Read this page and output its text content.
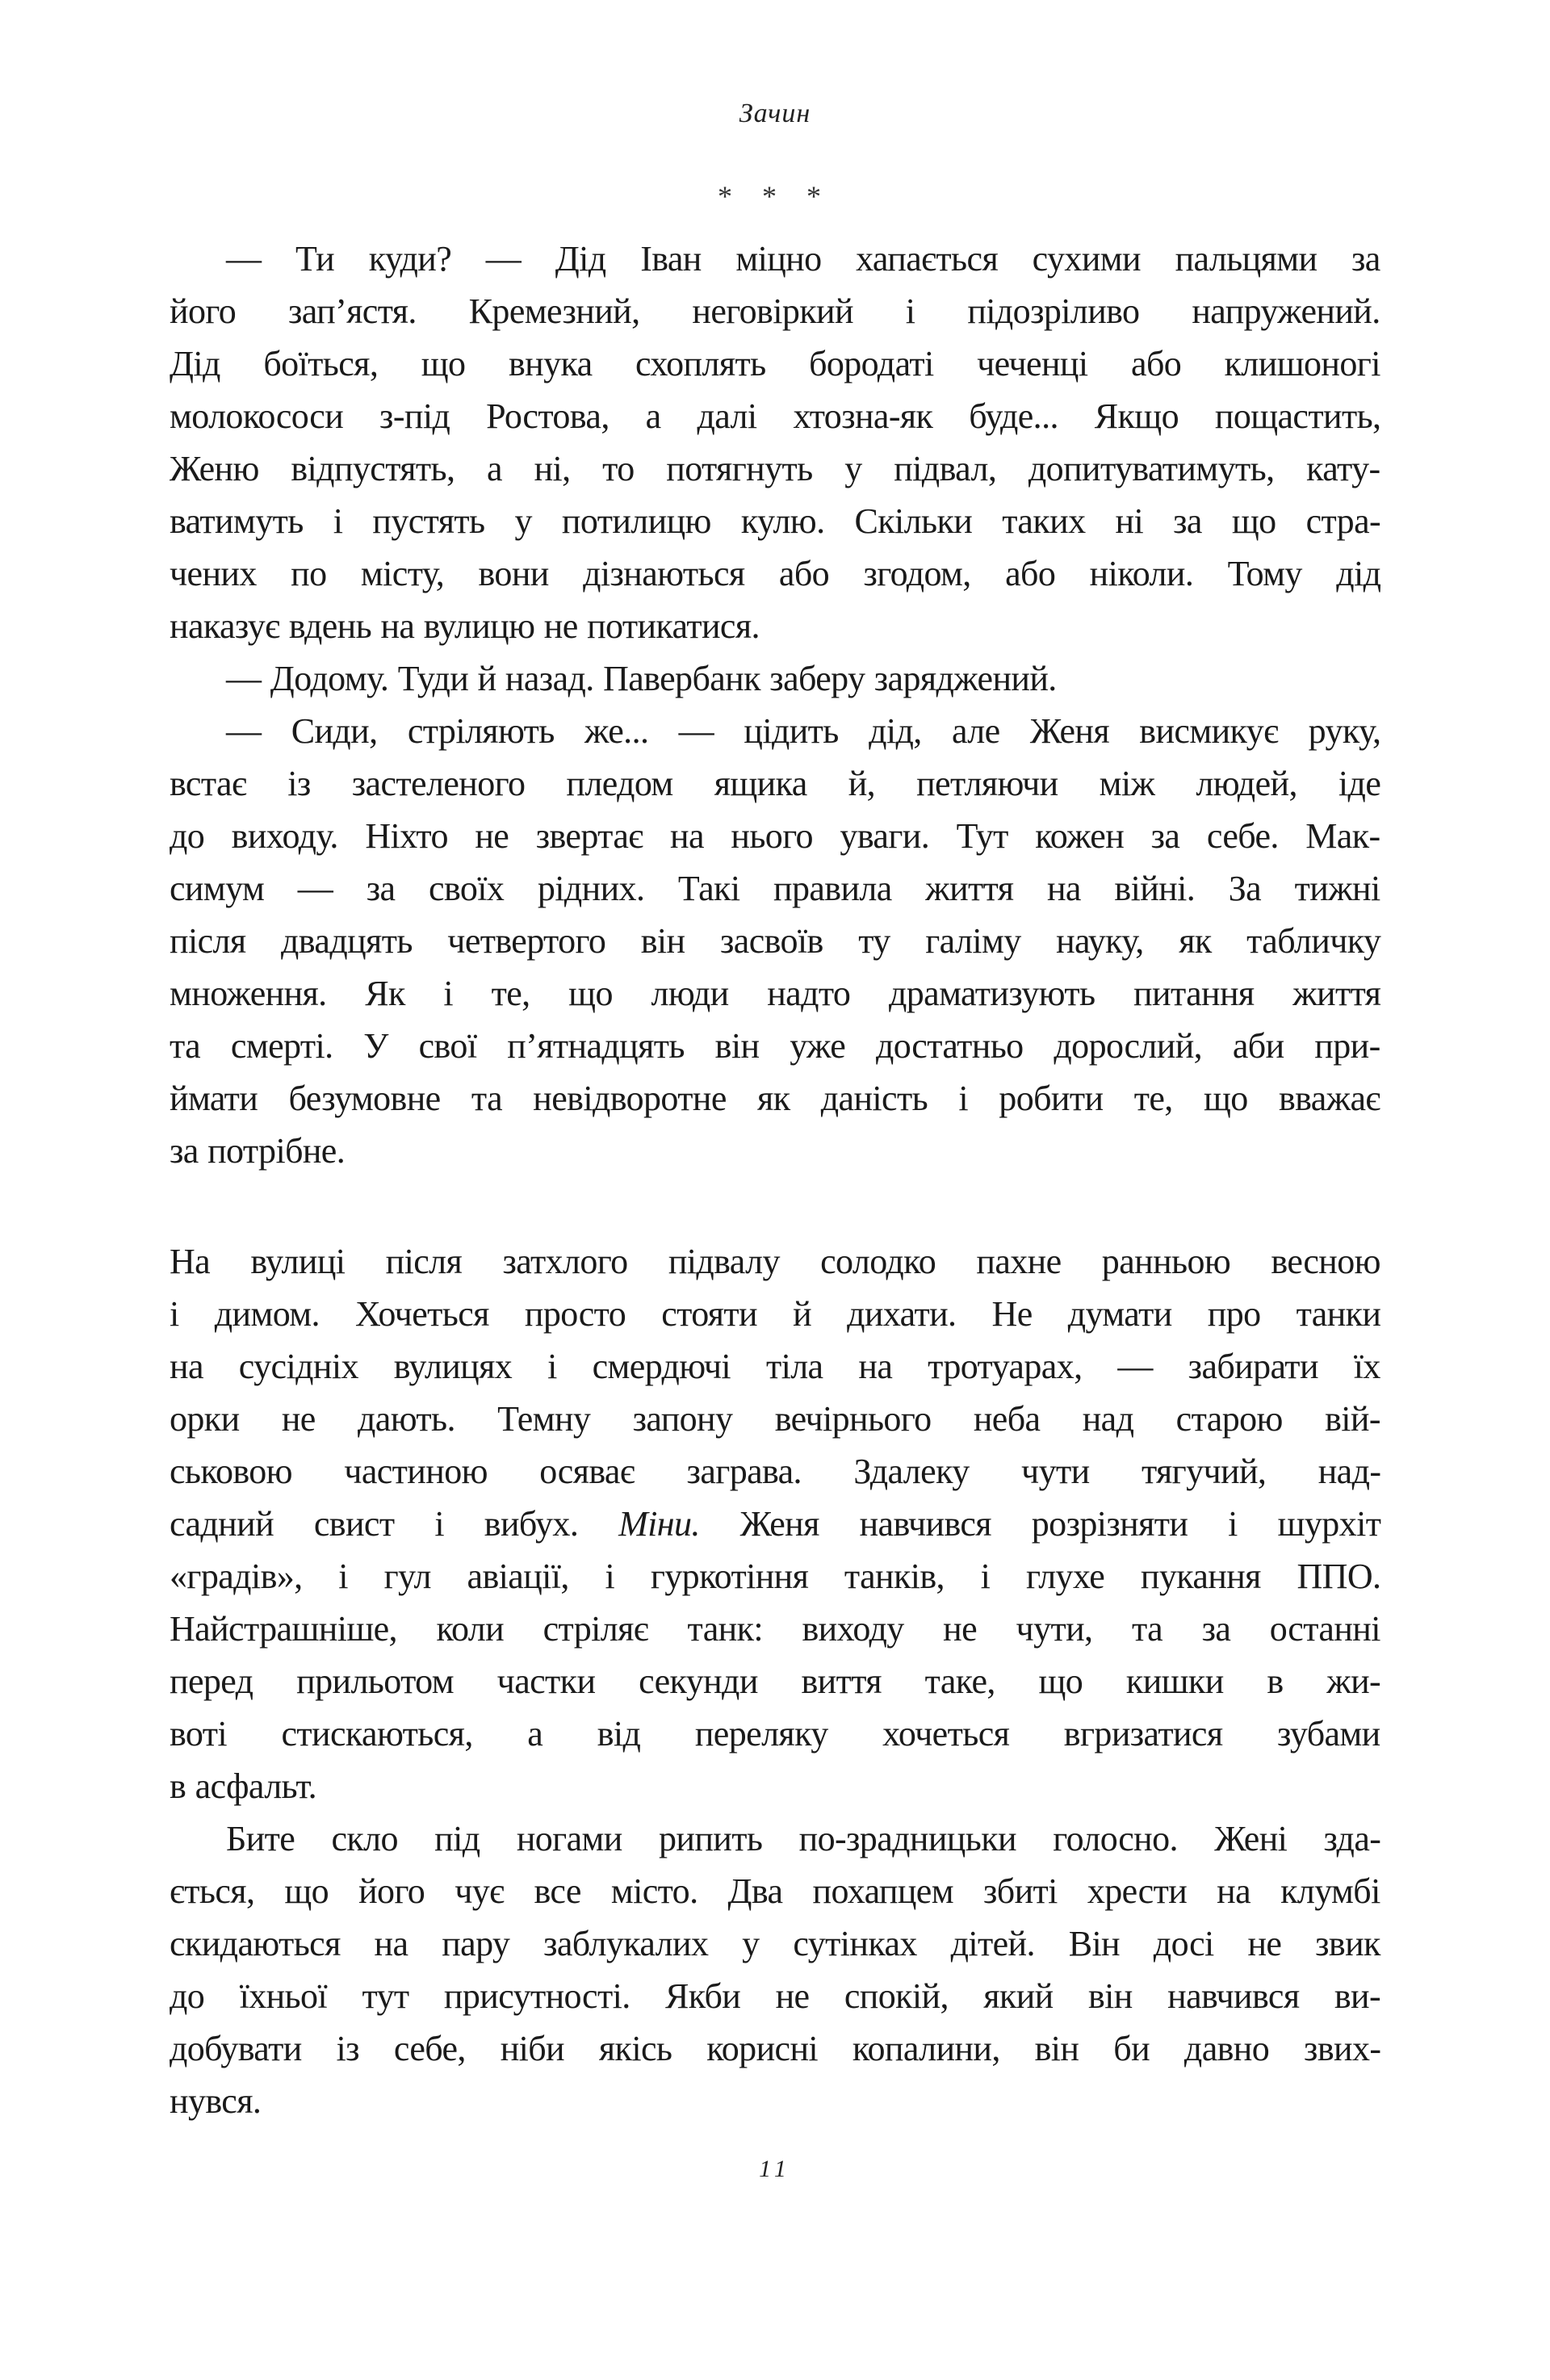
Зачин
* * *
— Ти куди? — Дід Іван міцно хапається сухими пальцями за
його зап’ястя. Кремезний, неговіркий і підозріливо напружений.
Дід боїться, що внука схоплять бородаті чеченці або клишоногі
молокососи з-під Ростова, а далі хтозна-як буде... Якщо пощастить,
Женю відпустять, а ні, то потягнуть у підвал, допитуватимуть, кату-
ватимуть і пустять у потилицю кулю. Скільки таких ні за що стра-
чених по місту, вони дізнаються або згодом, або ніколи. Тому дід
наказує вдень на вулицю не потикатися.
— Додому. Туди й назад. Павербанк заберу заряджений.
— Сиди, стріляють же... — цідить дід, але Женя висмикує руку,
встає із застеленого пледом ящика й, петляючи між людей, іде
до виходу. Ніхто не звертає на нього уваги. Тут кожен за себе. Мак-
симум — за своїх рідних. Такі правила життя на війні. За тижні
після двадцять четвертого він засвоїв ту галіму науку, як табличку
множення. Як і те, що люди надто драматизують питання життя
та смерті. У свої п’ятнадцять він уже достатньо дорослий, аби при-
ймати безумовне та невідворотне як даність і робити те, що вважає
за потрібне.
На вулиці після затхлого підвалу солодко пахне ранньою весною
і димом. Хочеться просто стояти й дихати. Не думати про танки
на сусідніх вулицях і смердючі тіла на тротуарах, — забирати їх
орки не дають. Темну запону вечірнього неба над старою вій-
ськовою частиною осяває заграва. Здалеку чути тягучий, над-
садний свист і вибух. Міни. Женя навчився розрізняти і шурхіт
«градів», і гул авіації, і гуркотіння танків, і глухе пукання ППО.
Найстрашніше, коли стріляє танк: виходу не чути, та за останні
перед прильотом частки секунди виття таке, що кишки в жи-
воті стискаються, а від переляку хочеться вгризатися зубами
в асфальт.
Бите скло під ногами рипить по-зрадницьки голосно. Жені зда-
ється, що його чує все місто. Два похапцем збиті хрести на клумбі
скидаються на пару заблукалих у сутінках дітей. Він досі не звик
до їхньої тут присутності. Якби не спокій, який він навчився ви-
добувати із себе, ніби якісь корисні копалини, він би давно звих-
нувся.
11
